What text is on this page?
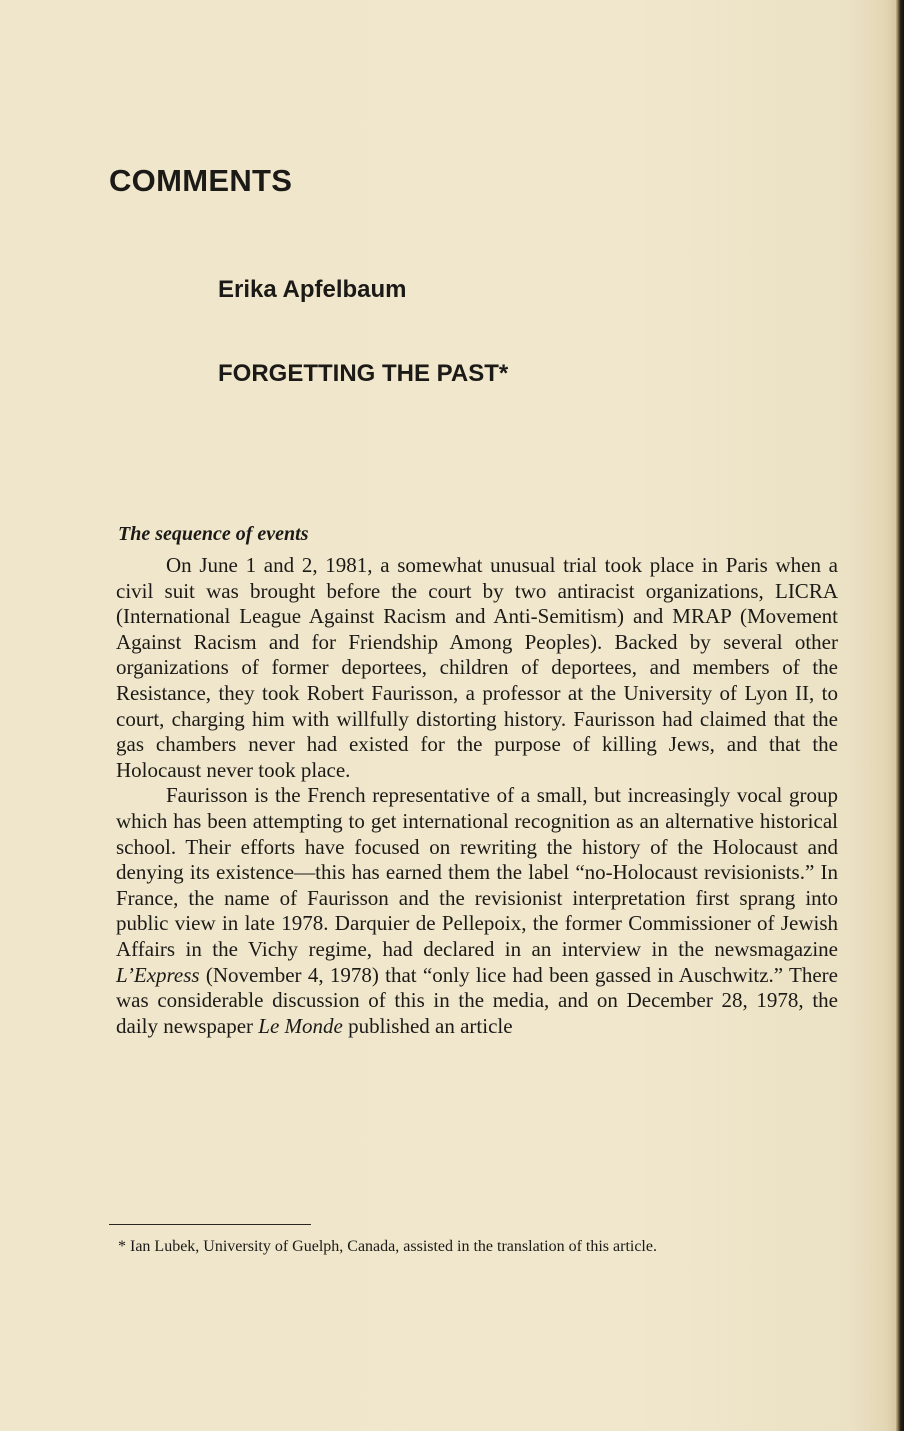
COMMENTS
Erika Apfelbaum
FORGETTING THE PAST*
The sequence of events

On June 1 and 2, 1981, a somewhat unusual trial took place in Paris when a civil suit was brought before the court by two antiracist organizations, LICRA (International League Against Racism and Anti-Semitism) and MRAP (Movement Against Racism and for Friendship Among Peoples). Backed by several other organizations of former deportees, children of deportees, and members of the Resistance, they took Robert Faurisson, a professor at the University of Lyon II, to court, charging him with willfully distorting history. Faurisson had claimed that the gas chambers never had existed for the purpose of killing Jews, and that the Holocaust never took place.

Faurisson is the French representative of a small, but increasingly vocal group which has been attempting to get international recognition as an alternative historical school. Their efforts have focused on rewriting the history of the Holocaust and denying its existence—this has earned them the label “no-Holocaust revisionists.” In France, the name of Faurisson and the revisionist interpretation first sprang into public view in late 1978. Darquier de Pellepoix, the former Commissioner of Jewish Affairs in the Vichy regime, had declared in an interview in the newsmagazine L’Express (November 4, 1978) that “only lice had been gassed in Auschwitz.” There was considerable discussion of this in the media, and on December 28, 1978, the daily newspaper Le Monde published an article

* Ian Lubek, University of Guelph, Canada, assisted in the translation of this article.
